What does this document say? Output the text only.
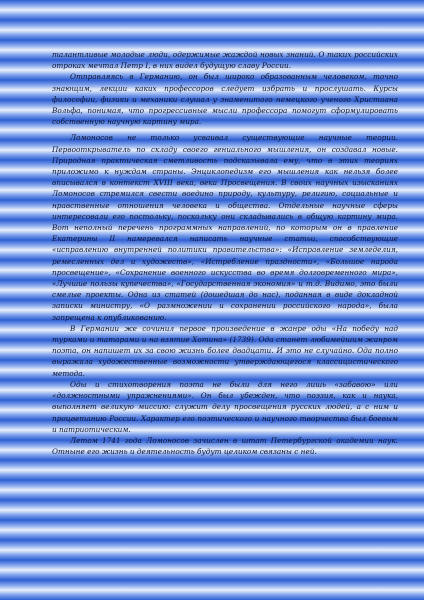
талантливые молодые люди, одержимые жаждой новых знаний. О таких российских отроках мечтал Петр I, в них видел будущую славу России.

Отправляясь в Германию, он был широко образованным человеком, точно знающим, лекции каких профессоров следует избрать и прослушать. Курсы философии, физики и механики слушал у знаменитого немецкого ученого Христиана Вольфа, понимая, что прогрессивные мысли профессора помогут сформулировать собственную научную картину мира.

Ломоносов не только усваивал существующие научные теории. Первооткрыватель по складу своего гениального мышления, он создавал новые. Природная практическая сметливость подсказывала ему, что в этих теориях приложимо к нуждам страны. Энциклопедизм его мышления как нельзя более вписывался в контекст XVIII века, века Просвещения. В своих научных изысканиях Ломоносов стремился свести воедино природу, культуру, религию, социальные и нравственные отношения человека и общества. Отдельные научные сферы интересовали его постольку, поскольку они складывались в общую картину мира. Вот неполный перечень программных направлений, по которым он в правление Екатерины II намеревался написать научные статьи, способствующие «исправлению внутренней политики правительства»: «Исправление земледелия, ремесленных дел и художеств», «Истребление праздности», «Большое народа просвещение», «Сохранение военного искусства во время долговременного мира», «Лучшие пользы купечества», «Государственная экономия» и т.д. Видимо, это были смелые проекты. Одна из статей (дошедшая до нас), поданная в виде докладной записки министру, «О размножении и сохранении российского народа», была запрещена к опубликованию.

В Германии же сочинил первое произведение в жанре оды «На победу над турками и татарами и на взятие Хотина» (1739). Ода станет любимейшим жанром поэта, он напишет их за свою жизнь более двадцати. И это не случайно. Ода полно выражала художественные возможности утверждающегося классицистического метода.

Оды и стихотворения поэта не были для него лишь «забавою» или «должностными упражнениями». Он был убежден, что поэзия, как и наука, выполняет великую миссию: служит делу просвещения русских людей, а с ним и процветанию России. Характер его поэтического и научного творчества был боевым и патриотическим.

Летом 1741 года Ломоносов зачислен в штат Петербургской академии наук. Отныне его жизнь и деятельность будут целиком связаны с ней.
